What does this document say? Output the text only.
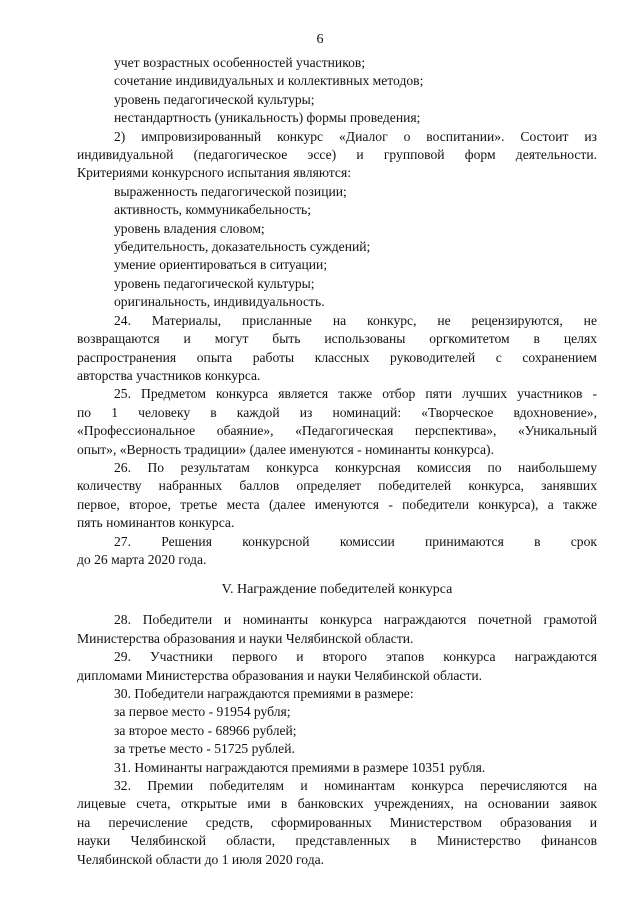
6
учет возрастных особенностей участников;
сочетание индивидуальных и коллективных методов;
уровень педагогической культуры;
нестандартность (уникальность) формы проведения;
2) импровизированный конкурс «Диалог о воспитании». Состоит из
индивидуальной (педагогическое эссе) и групповой форм деятельности.
Критериями конкурсного испытания являются:
выраженность педагогической позиции;
активность, коммуникабельность;
уровень владения словом;
убедительность, доказательность суждений;
умение ориентироваться в ситуации;
уровень педагогической культуры;
оригинальность, индивидуальность.
24. Материалы, присланные на конкурс, не рецензируются, не
возвращаются и могут быть использованы оргкомитетом в целях
распространения опыта работы классных руководителей с сохранением
авторства участников конкурса.
25. Предметом конкурса является также отбор пяти лучших участников -
по 1 человеку в каждой из номинаций: «Творческое вдохновение»,
«Профессиональное обаяние», «Педагогическая перспектива», «Уникальный
опыт», «Верность традиции» (далее именуются - номинанты конкурса).
26. По результатам конкурса конкурсная комиссия по наибольшему
количеству набранных баллов определяет победителей конкурса, занявших
первое, второе, третье места (далее именуются - победители конкурса), а также
пять номинантов конкурса.
27. Решения конкурсной комиссии принимаются в срок
до 26 марта 2020 года.
V. Награждение победителей конкурса
28. Победители и номинанты конкурса награждаются почетной грамотой
Министерства образования и науки Челябинской области.
29. Участники первого и второго этапов конкурса награждаются
дипломами Министерства образования и науки Челябинской области.
30. Победители награждаются премиями в размере:
за первое место - 91954 рубля;
за второе место - 68966 рублей;
за третье место - 51725 рублей.
31. Номинанты награждаются премиями в размере 10351 рубля.
32. Премии победителям и номинантам конкурса перечисляются на
лицевые счета, открытые ими в банковских учреждениях, на основании заявок
на перечисление средств, сформированных Министерством образования и
науки Челябинской области, представленных в Министерство финансов
Челябинской области до 1 июля 2020 года.
